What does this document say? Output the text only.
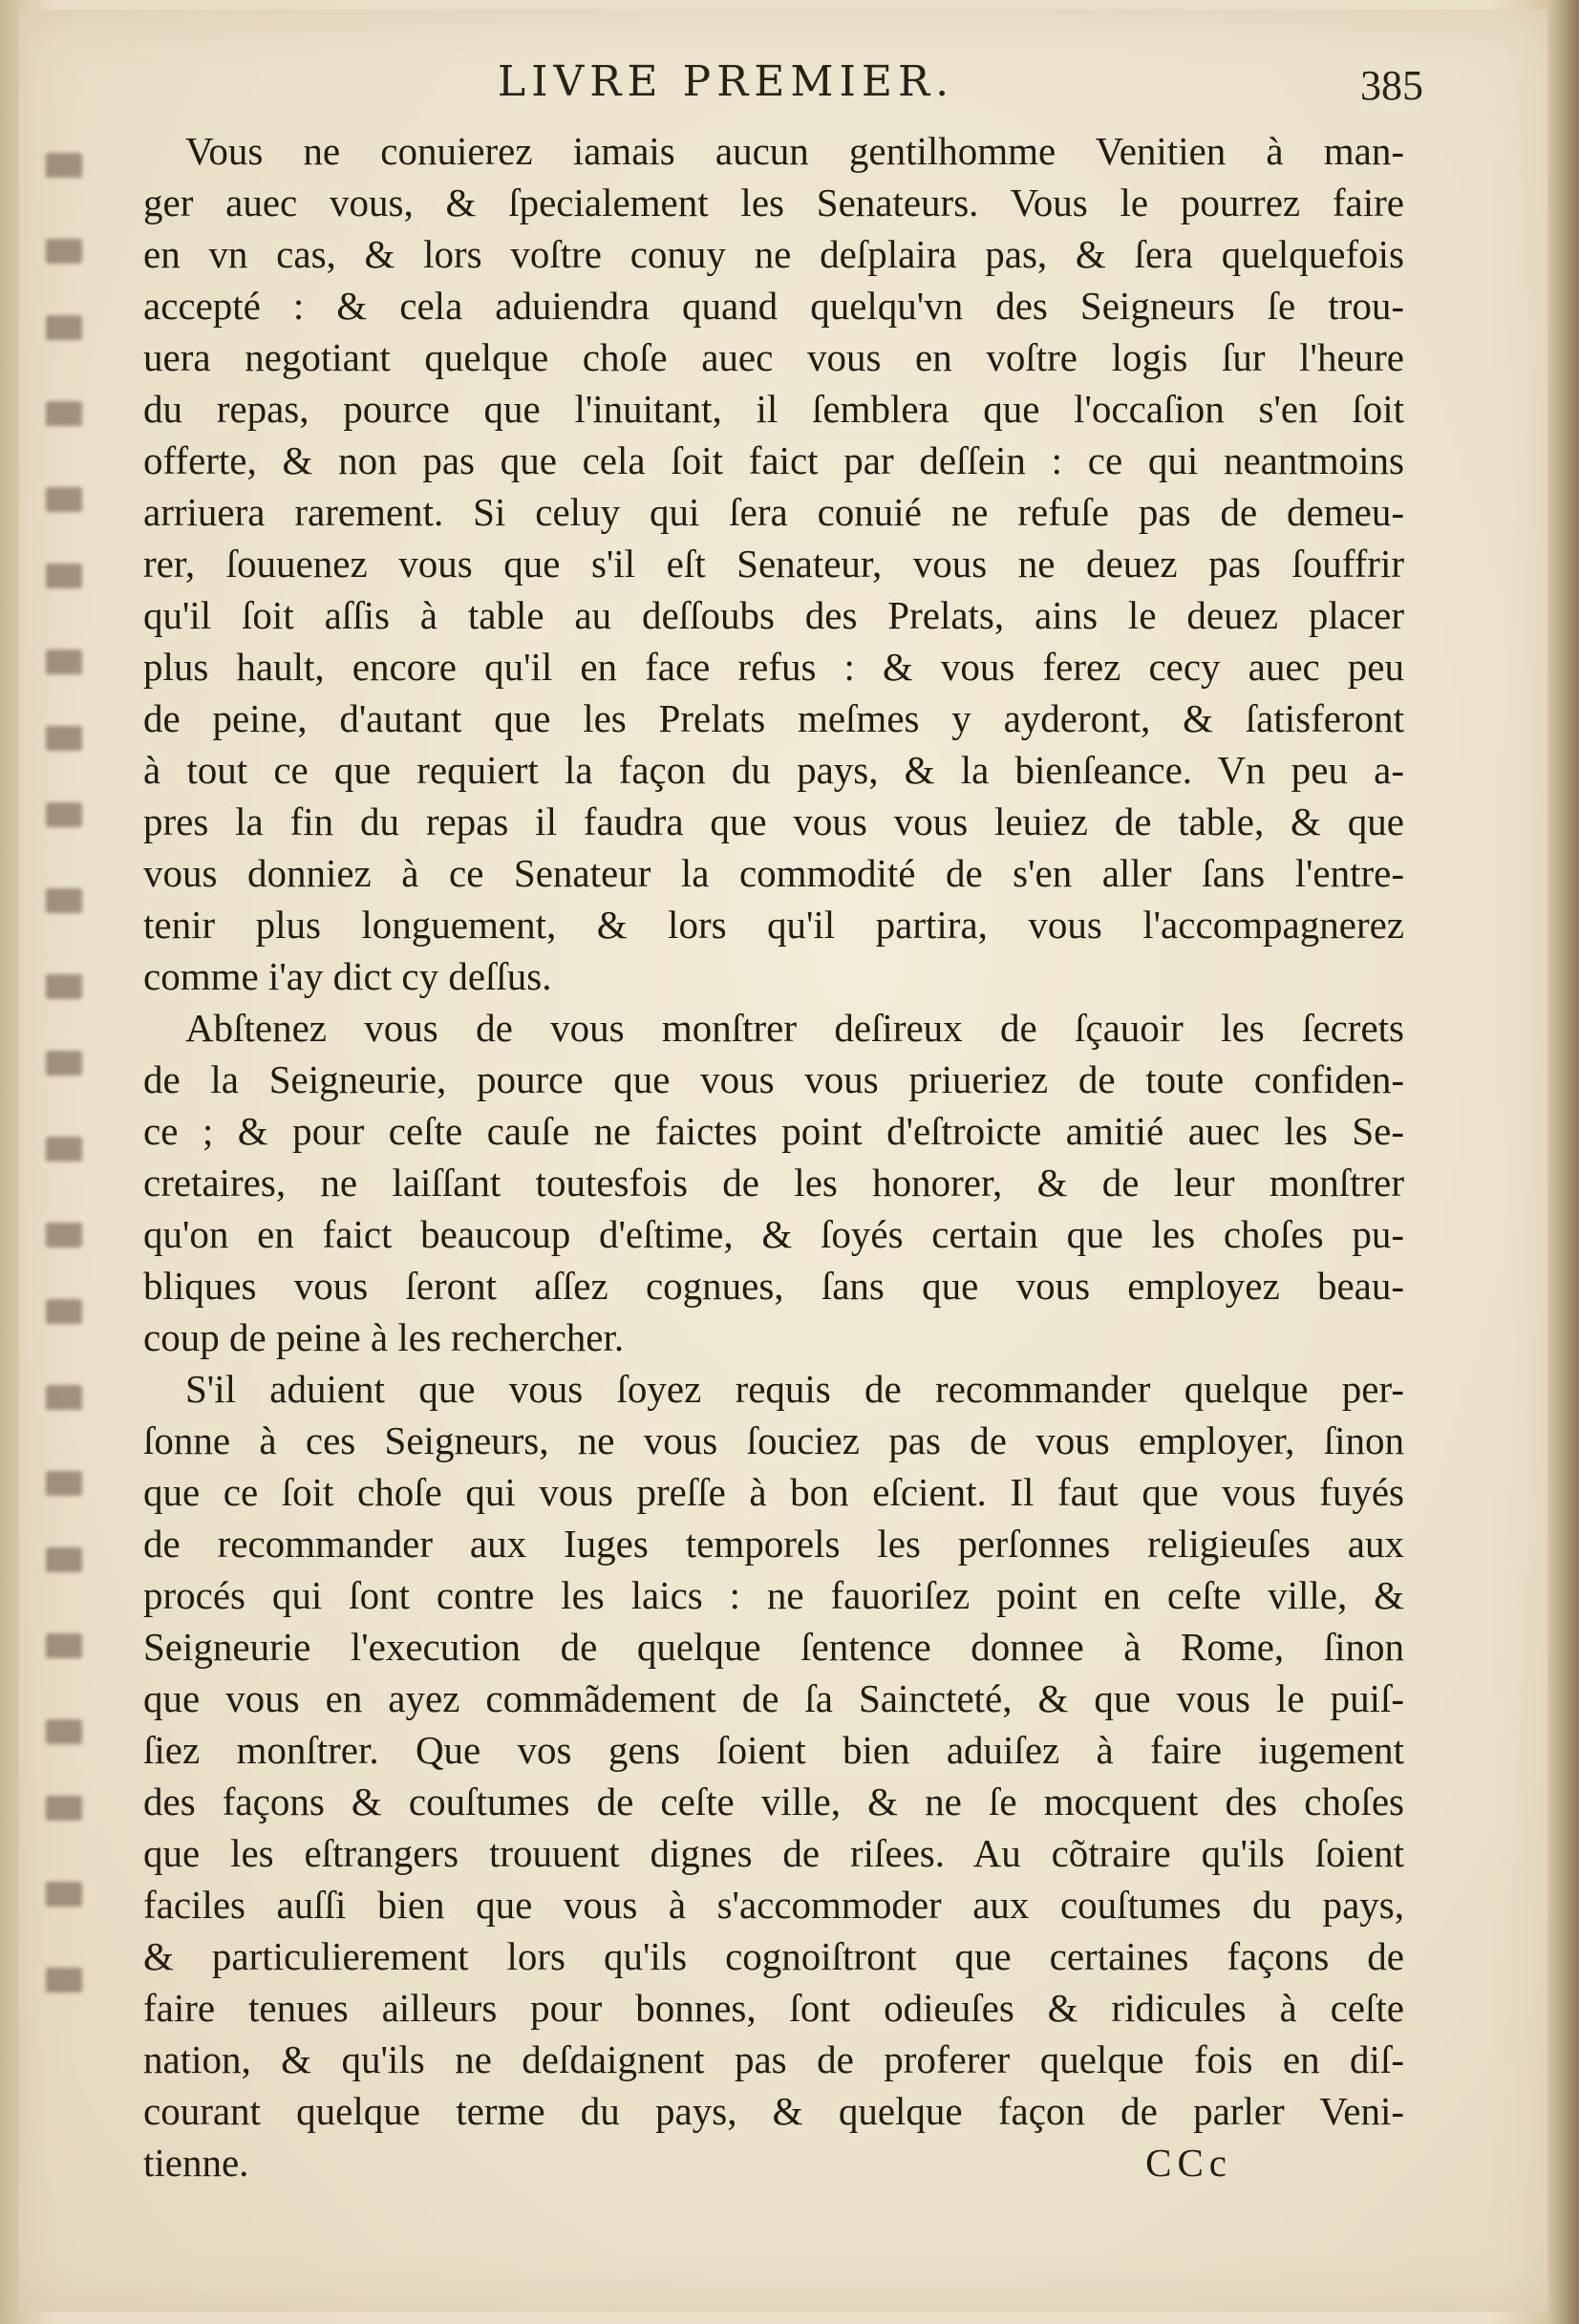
LIVRE PREMIER.	385
Vous ne conuierez iamais aucun gentilhomme Venitien à man-
ger auec vous, & ſpecialement les Senateurs. Vous le pourrez faire
en vn cas, & lors voſtre conuy ne deſplaira pas, & ſera quelquefois
accepté : & cela aduiendra quand quelqu'vn des Seigneurs ſe trou-
uera negotiant quelque choſe auec vous en voſtre logis ſur l'heure
du repas, pource que l'inuitant, il ſemblera que l'occaſion s'en ſoit
offerte, & non pas que cela ſoit faict par deſſein : ce qui neantmoins
arriuera rarement. Si celuy qui ſera conuié ne refuſe pas de demeu-
rer, ſouuenez vous que s'il eſt Senateur, vous ne deuez pas ſouffrir
qu'il ſoit aſſis à table au deſſoubs des Prelats, ains le deuez placer
plus hault, encore qu'il en face refus : & vous ferez cecy auec peu
de peine, d'autant que les Prelats meſmes y ayderont, & ſatisferont
à tout ce que requiert la façon du pays, & la bienſeance. Vn peu a-
pres la fin du repas il faudra que vous vous leuiez de table, & que
vous donniez à ce Senateur la commodité de s'en aller ſans l'entre-
tenir plus longuement, & lors qu'il partira, vous l'accompagnerez
comme i'ay dict cy deſſus.
Abſtenez vous de vous monſtrer deſireux de ſçauoir les ſecrets
de la Seigneurie, pource que vous vous priueriez de toute confiden-
ce ; & pour ceſte cauſe ne faictes point d'eſtroicte amitié auec les Se-
cretaires, ne laiſſant toutesfois de les honorer, & de leur monſtrer
qu'on en faict beaucoup d'eſtime, & ſoyés certain que les choſes pu-
bliques vous ſeront aſſez cognues, ſans que vous employez beau-
coup de peine à les rechercher.
S'il aduient que vous ſoyez requis de recommander quelque per-
ſonne à ces Seigneurs, ne vous ſouciez pas de vous employer, ſinon
que ce ſoit choſe qui vous preſſe à bon eſcient. Il faut que vous fuyés
de recommander aux Iuges temporels les perſonnes religieuſes aux
procés qui ſont contre les laics : ne fauoriſez point en ceſte ville, &
Seigneurie l'execution de quelque ſentence donnee à Rome, ſinon
que vous en ayez commãdement de ſa Saincteté, & que vous le puiſ-
ſiez monſtrer. Que vos gens ſoient bien aduiſez à faire iugement
des façons & couſtumes de ceſte ville, & ne ſe mocquent des choſes
que les eſtrangers trouuent dignes de riſees. Au cõtraire qu'ils ſoient
faciles auſſi bien que vous à s'accommoder aux couſtumes du pays,
& particulierement lors qu'ils cognoiſtront que certaines façons de
faire tenues ailleurs pour bonnes, ſont odieuſes & ridicules à ceſte
nation, & qu'ils ne deſdaignent pas de proferer quelque fois en diſ-
courant quelque terme du pays, & quelque façon de parler Veni-
tienne.	CCc
